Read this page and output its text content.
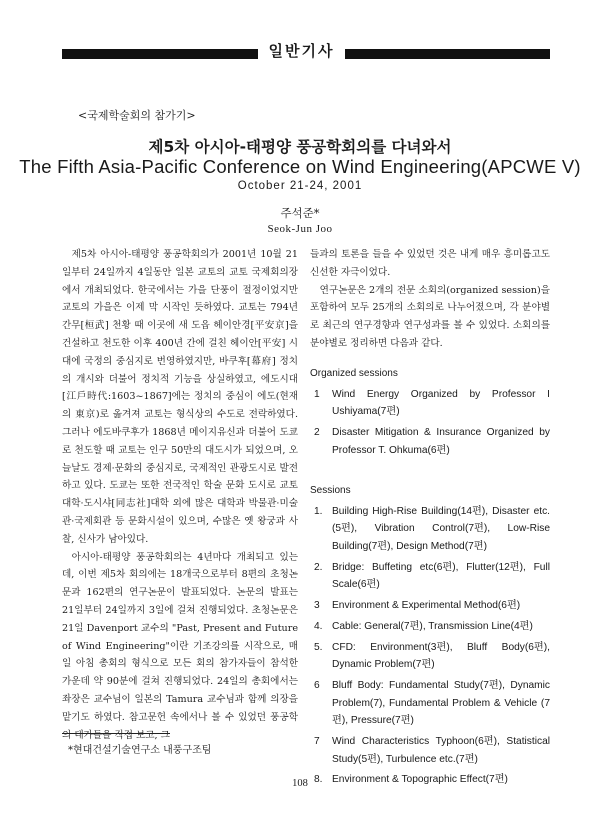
일반기사
<국제학술회의 참가기>
제5차 아시아-태평양 풍공학회의를 다녀와서
The Fifth Asia-Pacific Conference on Wind Engineering(APCWE V)
October 21-24, 2001
주석준*
Seok-Jun Joo

제5차 아시아-태평양 풍공학회의가 2001년 10월 21일부터 24일까지 4일동안 일본 교토의 교토 국제회의장에서 개최되었다. 한국에서는 가을 단풍이 절정이었지만 교토의 가을은 이제 막 시작인 듯하였다. 교토는 794년 간무[桓武] 천황 때 이곳에 새 도읍 헤이안경[平安京]을 건설하고 천도한 이후 400년 간에 걸친 헤이안[平安] 시대에 국정의 중심지로 번영하였지만, 바쿠후[幕府] 정치의 개시와 더불어 정치적 기능을 상실하였고, 에도시대[江戶時代:1603~1867]에는 정치의 중심이 에도(현재의 東京)로 옮겨져 교토는 형식상의 수도로 전락하였다. 그러나 에도바쿠후가 1868년 메이지유신과 더불어 도쿄로 천도할 때 교토는 인구 50만의 대도시가 되었으며, 오늘날도 경제·문화의 중심지로, 국제적인 관광도시로 발전하고 있다. 도쿄는 또한 전국적인 학술 문화 도시로 교토대학·도시샤[同志社]대학 외에 많은 대학과 박물관·미술관·국제회관 등 문화시설이 있으며, 수많은 옛 왕궁과 사찰, 신사가 남아있다.

아시아-태평양 풍공학회의는 4년마다 개최되고 있는데, 이번 제5차 회의에는 18개국으로부터 8편의 초청논문과 162편의 연구논문이 발표되었다. 논문의 발표는 21일부터 24일까지 3일에 걸쳐 진행되었다. 초청논문은 21일 Davenport 교수의 "Past, Present and Future of Wind Engineering"이란 기조강의를 시작으로, 매일 아침 총회의 형식으로 모든 회의 참가자들이 참석한 가운데 약 90분에 걸쳐 진행되었다. 24일의 총회에서는 좌장은 교수님이 일본의 Tamura 교수님과 함께 의장을 맡기도 하였다. 참고문헌 속에서나 볼 수 있었던 풍공학의 대가들을 직접 보고, 그

들과의 토론을 들을 수 있었던 것은 내게 매우 흥미롭고도 신선한 자극이었다.

연구논문은 2개의 전문 소회의(organized session)을 포함하여 모두 25개의 소회의로 나누어졌으며, 각 분야별로 최근의 연구경향과 연구성과를 볼 수 있었다. 소회의를 분야별로 정리하면 다음과 같다.

Organized sessions
1 Wind Energy Organized by Professor I Ushiyama(7편)
2 Disaster Mitigation & Insurance Organized by Professor T. Ohkuma(6편)
Sessions
1. Building High-Rise Building(14편), Disaster etc.(5편), Vibration Control(7편), Low-Rise Building(7편), Design Method(7편)
2. Bridge: Buffeting etc(6편), Flutter(12편), Full Scale(6편)
3 Environment & Experimental Method(6편)
4. Cable: General(7편), Transmission Line(4편)
5. CFD: Environment(3편), Bluff Body(6편), Dynamic Problem(7편)
6 Bluff Body: Fundamental Study(7편), Dynamic Problem(7), Fundamental Problem & Vehicle (7편), Pressure(7편)
7 Wind Characteristics Typhoon(6편), Statistical Study(5편), Turbulence etc.(7편)
8. Environment & Topographic Effect(7편)
*현대건설기술연구소 내풍구조팀
108
